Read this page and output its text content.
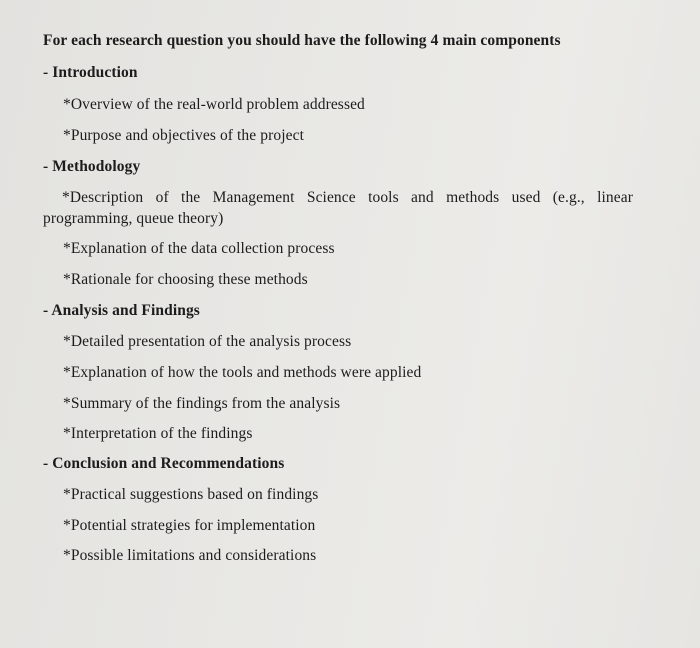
For each research question you should have the following 4 main components
- Introduction
*Overview of the real-world problem addressed
*Purpose and objectives of the project
- Methodology
*Description of the Management Science tools and methods used (e.g., linear programming, queue theory)
*Explanation of the data collection process
*Rationale for choosing these methods
- Analysis and Findings
*Detailed presentation of the analysis process
*Explanation of how the tools and methods were applied
*Summary of the findings from the analysis
*Interpretation of the findings
- Conclusion and Recommendations
*Practical suggestions based on findings
*Potential strategies for implementation
*Possible limitations and considerations
